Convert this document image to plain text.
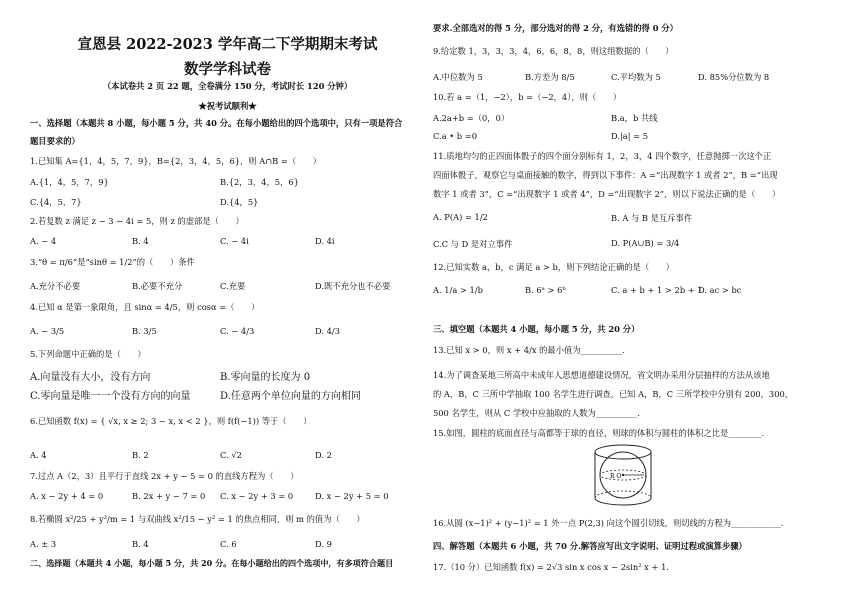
宣恩县 2022-2023 学年高二下学期期末考试
数学学科试卷
（本试卷共 2 页 22 题，全卷满分 150 分，考试时长 120 分钟）
★祝考试顺利★
一、选择题（本题共 8 小题，每小题 5 分，共 40 分。在每小题给出的四个选项中，只有一项是符合
题目要求的）
1.已知集 A={1，4，5，7，9}，B={2，3，4，5，6}，则 A∩B =（　　）
A.{1，4，5，7，9}	B.{2，3，4，5，6}
C.{4，5，7}	D.{4，5}
2.若复数 z 满足 z − 3 − 4i = 5，则 z 的虚部是（　　）
A. − 4	B. 4	C. − 4i	D. 4i
3.“θ = π/6”是“sinθ = 1/2”的（　　）条件
A.充分不必要	B.必要不充分	C.充要	D.既不充分也不必要
4.已知 α 是第一象限角，且 sinα = 4/5，则 cosα =（　　）
A. − 3/5	B. 3/5	C. − 4/3	D. 4/3
5.下列命题中正确的是（　　）
A.向量没有大小，没有方向	B.零向量的长度为 0
C.零向量是唯一一个没有方向的向量	D.任意两个单位向量的方向相同
6.已知函数 f(x) = { √x, x ≥ 2; 3 − x, x < 2 }，则 f(f(−1)) 等于（　　）
A. 4	B. 2	C. √2	D. 2
7.过点 A（2，3）且平行于直线 2x + y − 5 = 0 的直线方程为（　　）
A. x − 2y + 4 = 0	B. 2x + y − 7 = 0 C. x − 2y + 3 = 0	D. x − 2y + 5 = 0
8.若椭圆 x²/25 + y²/m = 1 与双曲线 x²/15 − y² = 1 的焦点相同，则 m 的值为（　　）
A. ± 3	B. 4	C. 6	D. 9
二、选择题（本题共 4 小题，每小题 5 分，共 20 分。在每小题给出的四个选项中，有多项符合题目
要求.全部选对的得 5 分，部分选对的得 2 分，有选错的得 0 分）
9.给定数 1，3，3，3，4，6，6，8，8，则这组数据的（　　）
A.中位数为 5	B.方差为 8/5	C.平均数为 5	D. 85%分位数为 8
10.若 a =（1，−2），b =（−2，4），则（　　）
A.2a+b =（0，0）	B.a，b 共线
C.a • b =0	D.|a| = 5
11.质地均匀的正四面体骰子的四个面分别标有 1，2，3，4 四个数字，任意抛掷一次这个正
四面体骰子，观察它与桌面接触的数字，得到以下事件：A =“出现数字 1 或者 2”，B =“出现
数字 1 或者 3”，C =“出现数字 1 或者 4”，D =“出现数字 2”，则以下说法正确的是（　　）
A. P(A) = 1/2	B. A 与 B 是互斥事件
C.C 与 D 是对立事件	D. P(A∪B) = 3/4
12.已知实数 a，b，c 满足 a > b，则下列结论正确的是（　　）
A. 1/a > 1/b	B. 6ᵃ > 6ᵇ	C. a + b + 1 > 2b + 1
D. ac > bc
三、填空题（本题共 4 小题，每小题 5 分，共 20 分）
13.已知 x > 0，则 x + 4/x 的最小值为__________.
14.为了调查某地三所高中未成年人思想道德建设情况，省文明办采用分层抽样的方法从该地
的 A，B，C 三所中学抽取 100 名学生进行调查，已知 A，B，C 三所学校中分别有 200，300，
500 名学生，则从 C 学校中应抽取的人数为__________.
15.如图，圆柱的底面直径与高都等于球的直径，则球的体积与圆柱的体积之比是________.
R O
16.从圆 (x−1)² + (y−1)² = 1 外一点 P(2,3) 向这个圆引切线，则切线的方程为____________.
四、解答题（本题共 6 小题，共 70 分.解答应写出文字说明、证明过程或演算步骤）
17.（10 分）已知函数 f(x) = 2√3 sin x cos x − 2sin² x + 1.
